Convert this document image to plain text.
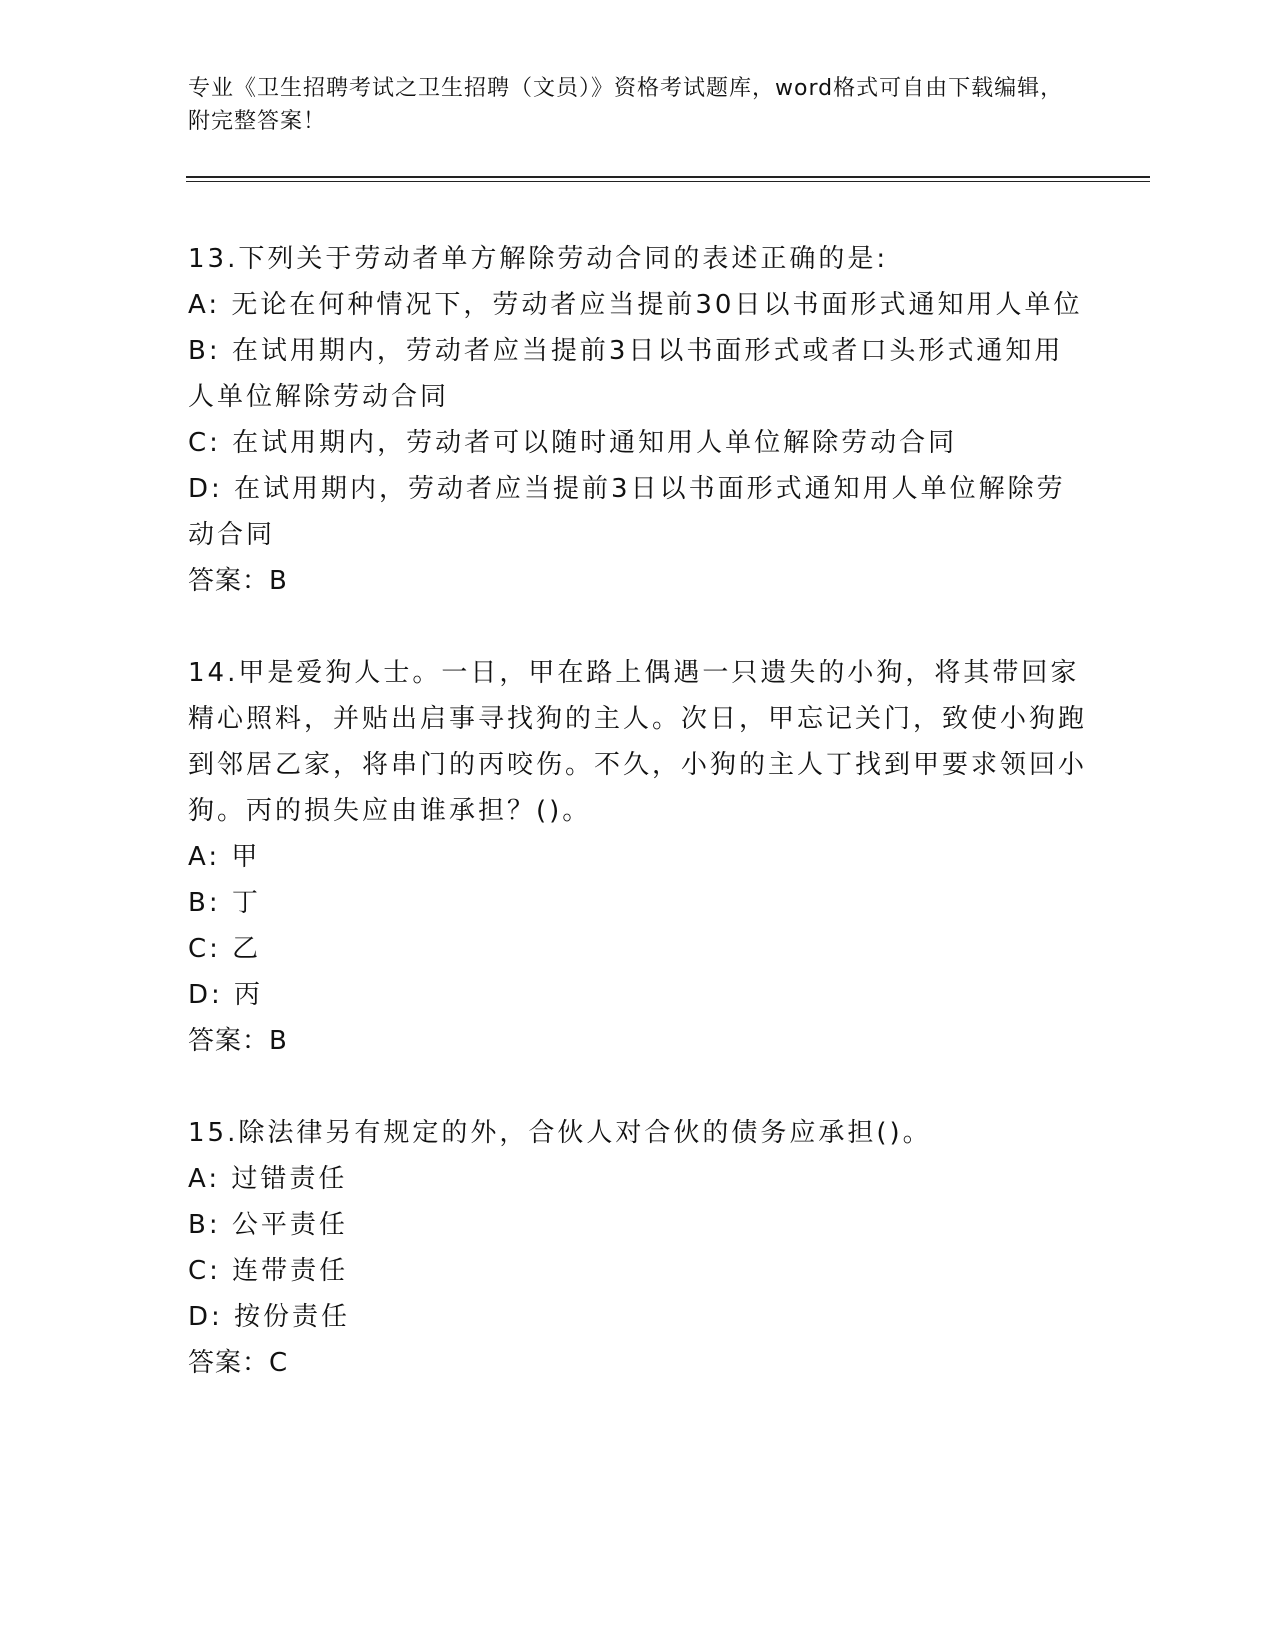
专业《卫生招聘考试之卫生招聘（文员）》资格考试题库，word格式可自由下载编辑，附完整答案！
13.下列关于劳动者单方解除劳动合同的表述正确的是:
A: 无论在何种情况下，劳动者应当提前30日以书面形式通知用人单位
B: 在试用期内，劳动者应当提前3日以书面形式或者口头形式通知用人单位解除劳动合同
C: 在试用期内，劳动者可以随时通知用人单位解除劳动合同
D: 在试用期内，劳动者应当提前3日以书面形式通知用人单位解除劳动合同
答案：B
14.甲是爱狗人士。一日，甲在路上偶遇一只遗失的小狗，将其带回家精心照料，并贴出启事寻找狗的主人。次日，甲忘记关门，致使小狗跑到邻居乙家，将串门的丙咬伤。不久，小狗的主人丁找到甲要求领回小狗。丙的损失应由谁承担？()。
A: 甲
B: 丁
C: 乙
D: 丙
答案：B
15.除法律另有规定的外，合伙人对合伙的债务应承担()。
A: 过错责任
B: 公平责任
C: 连带责任
D: 按份责任
答案：C
